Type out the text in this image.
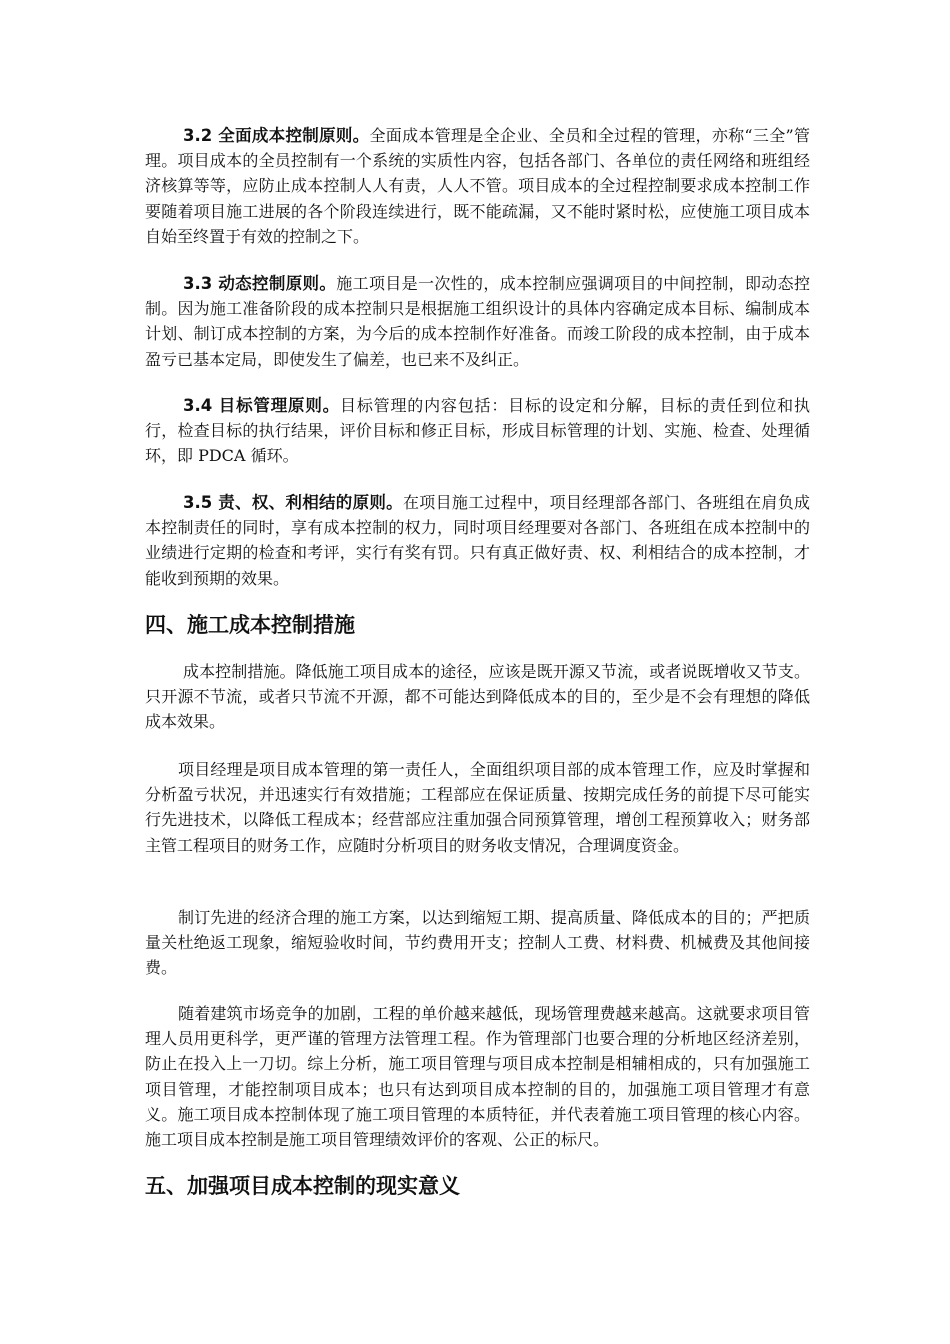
3.2 全面成本控制原则。全面成本管理是全企业、全员和全过程的管理，亦称“三全”管理。项目成本的全员控制有一个系统的实质性内容，包括各部门、各单位的责任网络和班组经济核算等等，应防止成本控制人人有责，人人不管。项目成本的全过程控制要求成本控制工作要随着项目施工进展的各个阶段连续进行，既不能疏漏，又不能时紧时松，应使施工项目成本自始至终置于有效的控制之下。

3.3 动态控制原则。施工项目是一次性的，成本控制应强调项目的中间控制，即动态控制。因为施工准备阶段的成本控制只是根据施工组织设计的具体内容确定成本目标、编制成本计划、制订成本控制的方案，为今后的成本控制作好准备。而竣工阶段的成本控制，由于成本盈亏已基本定局，即使发生了偏差，也已来不及纠正。

3.4 目标管理原则。目标管理的内容包括：目标的设定和分解，目标的责任到位和执行，检查目标的执行结果，评价目标和修正目标，形成目标管理的计划、实施、检查、处理循环，即 PDCA 循环。

3.5 责、权、利相结的原则。在项目施工过程中，项目经理部各部门、各班组在肩负成本控制责任的同时，享有成本控制的权力，同时项目经理要对各部门、各班组在成本控制中的业绩进行定期的检查和考评，实行有奖有罚。只有真正做好责、权、利相结合的成本控制，才能收到预期的效果。

四、施工成本控制措施

成本控制措施。降低施工项目成本的途径，应该是既开源又节流，或者说既增收又节支。只开源不节流，或者只节流不开源，都不可能达到降低成本的目的，至少是不会有理想的降低成本效果。

项目经理是项目成本管理的第一责任人，全面组织项目部的成本管理工作，应及时掌握和分析盈亏状况，并迅速实行有效措施；工程部应在保证质量、按期完成任务的前提下尽可能实行先进技术，以降低工程成本；经营部应注重加强合同预算管理，增创工程预算收入；财务部主管工程项目的财务工作，应随时分析项目的财务收支情况，合理调度资金。

制订先进的经济合理的施工方案，以达到缩短工期、提高质量、降低成本的目的；严把质量关杜绝返工现象，缩短验收时间，节约费用开支；控制人工费、材料费、机械费及其他间接费。

随着建筑市场竞争的加剧，工程的单价越来越低，现场管理费越来越高。这就要求项目管理人员用更科学，更严谨的管理方法管理工程。作为管理部门也要合理的分析地区经济差别，防止在投入上一刀切。综上分析，施工项目管理与项目成本控制是相辅相成的，只有加强施工项目管理，才能控制项目成本；也只有达到项目成本控制的目的，加强施工项目管理才有意义。施工项目成本控制体现了施工项目管理的本质特征，并代表着施工项目管理的核心内容。施工项目成本控制是施工项目管理绩效评价的客观、公正的标尺。

五、加强项目成本控制的现实意义
